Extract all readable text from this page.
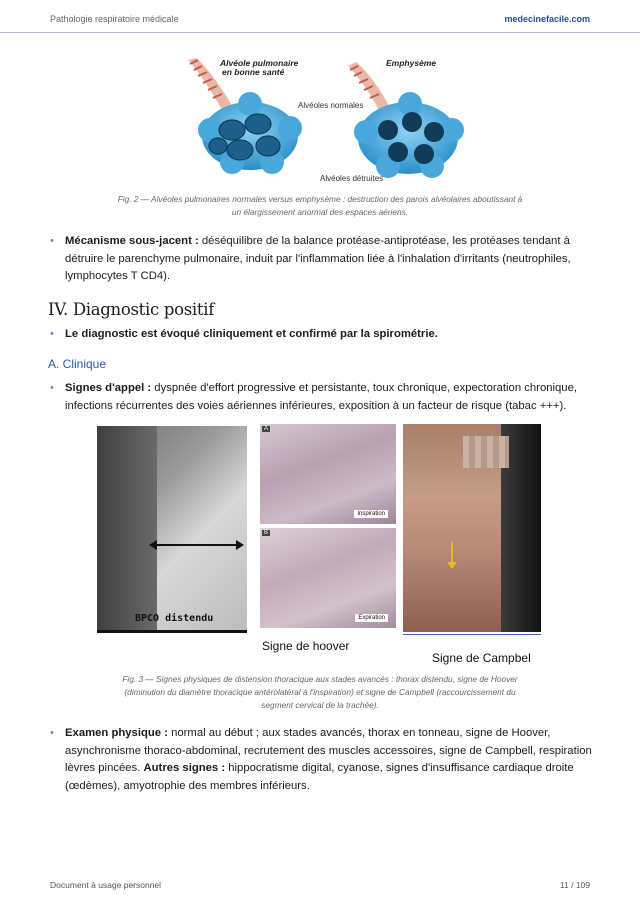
Pathologie respiratoire médicale	medecinefacile.com
Alvéole pulmonaire
en bonne santé
Emphysème
Alvéoles normales
Alvéoles détruites
Fig. 2 — Alvéoles pulmonaires normales versus emphysème : destruction des parois alvéolaires aboutissant à
un élargissement anormal des espaces aériens.
• Mécanisme sous-jacent : déséquilibre de la balance protéase-antiprotéase, les protéases tendant à détruire le parenchyme pulmonaire, induit par l'inflammation liée à l'inhalation d'irritants (neutrophiles, lymphocytes T CD4).
IV. Diagnostic positif
• Le diagnostic est évoqué cliniquement et confirmé par la spirométrie.
A. Clinique
• Signes d'appel : dyspnée d'effort progressive et persistante, toux chronique, expectoration chronique, infections récurrentes des voies aériennes inférieures, exposition à un facteur de risque (tabac +++).
BPCO distendu
A
Inspiration
B
Expiration
Signe de hoover
Signe de Campbel
Fig. 3 — Signes physiques de distension thoracique aux stades avancés : thorax distendu, signe de Hoover
(diminution du diamètre thoracique antérolatéral à l'inspiration) et signe de Campbell (raccourcissement du
segment cervical de la trachée).
• Examen physique : normal au début ; aux stades avancés, thorax en tonneau, signe de Hoover, asynchronisme thoraco-abdominal, recrutement des muscles accessoires, signe de Campbell, respiration lèvres pincées. Autres signes : hippocratisme digital, cyanose, signes d'insuffisance cardiaque droite (œdèmes), amyotrophie des membres inférieurs.
Document à usage personnel	11 / 109
